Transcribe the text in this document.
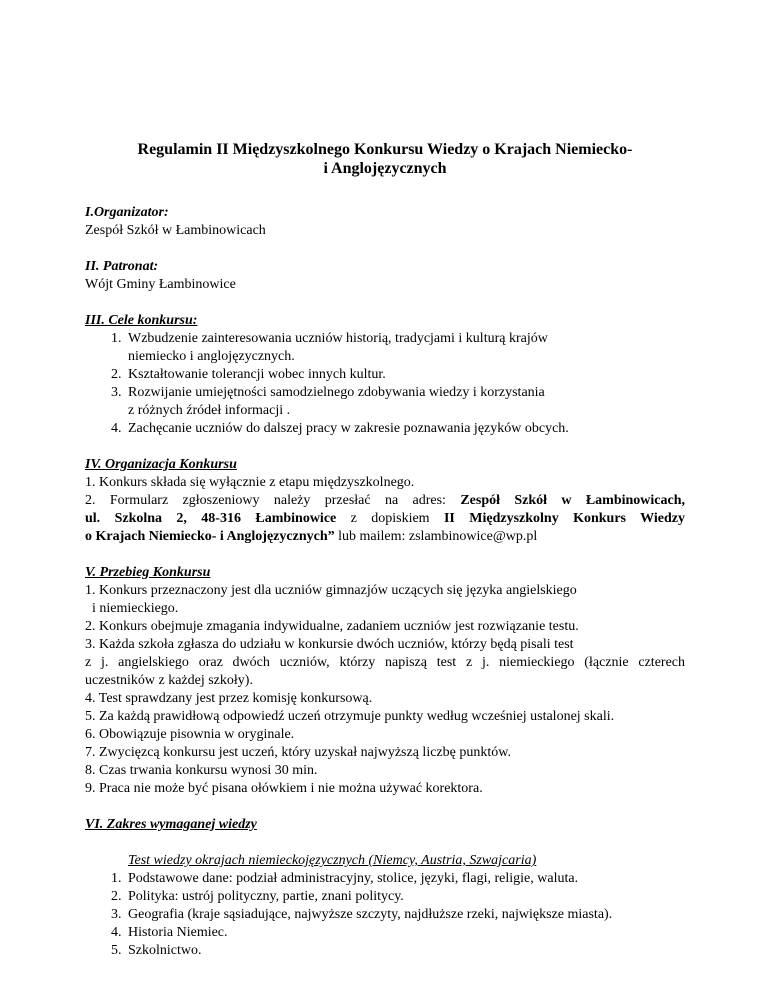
Regulamin II Międzyszkolnego Konkursu Wiedzy o Krajach Niemiecko-
i Anglojęzycznych
I.Organizator:
Zespół Szkół w Łambinowicach
II. Patronat:
Wójt Gminy Łambinowice
III. Cele konkursu:
1. Wzbudzenie zainteresowania uczniów historią, tradycjami i kulturą krajów
niemiecko i anglojęzycznych.
2. Kształtowanie tolerancji wobec innych kultur.
3. Rozwijanie umiejętności samodzielnego zdobywania wiedzy i korzystania
z różnych źródeł informacji .
4. Zachęcanie uczniów do dalszej pracy w zakresie poznawania języków obcych.
IV. Organizacja Konkursu
1. Konkurs składa się wyłącznie z etapu międzyszkolnego.
2. Formularz zgłoszeniowy należy przesłać na adres: Zespół Szkół w Łambinowicach,
ul. Szkolna 2, 48-316 Łambinowice z dopiskiem II Międzyszkolny Konkurs Wiedzy
o Krajach Niemiecko- i Anglojęzycznych” lub mailem: zslambinowice@wp.pl
V. Przebieg Konkursu
1. Konkurs przeznaczony jest dla uczniów gimnazjów uczących się języka angielskiego
i niemieckiego.
2. Konkurs obejmuje zmagania indywidualne, zadaniem uczniów jest rozwiązanie testu.
3. Każda szkoła zgłasza do udziału w konkursie dwóch uczniów, którzy będą pisali test
z j. angielskiego oraz dwóch uczniów, którzy napiszą test z j. niemieckiego (łącznie czterech
uczestników z każdej szkoły).
4. Test sprawdzany jest przez komisję konkursową.
5. Za każdą prawidłową odpowiedź uczeń otrzymuje punkty według wcześniej ustalonej skali.
6. Obowiązuje pisownia w oryginale.
7. Zwycięzcą konkursu jest uczeń, który uzyskał najwyższą liczbę punktów.
8. Czas trwania konkursu wynosi 30 min.
9. Praca nie może być pisana ołówkiem i nie można używać korektora.
VI. Zakres wymaganej wiedzy
Test wiedzy okrajach niemieckojęzycznych (Niemcy, Austria, Szwajcaria)
1. Podstawowe dane: podział administracyjny, stolice, języki, flagi, religie, waluta.
2. Polityka: ustrój polityczny, partie, znani politycy.
3. Geografia (kraje sąsiadujące, najwyższe szczyty, najdłuższe rzeki, największe miasta).
4. Historia Niemiec.
5. Szkolnictwo.
